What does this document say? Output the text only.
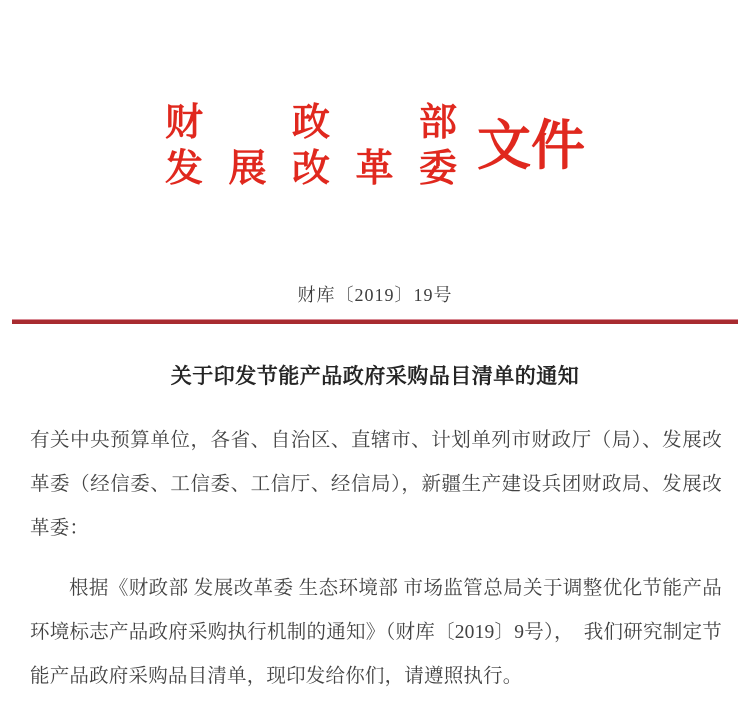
财政部
发展改革委 文件
财库〔2019〕19号
关于印发节能产品政府采购品目清单的通知

有关中央预算单位，各省、自治区、直辖市、计划单列市财政厅（局）、发展改革委（经信委、工信委、工信厅、经信局），新疆生产建设兵团财政局、发展改革委：

根据《财政部 发展改革委 生态环境部 市场监管总局关于调整优化节能产品环境标志产品政府采购执行机制的通知》（财库〔2019〕9号），　我们研究制定节能产品政府采购品目清单，现印发给你们，请遵照执行。
